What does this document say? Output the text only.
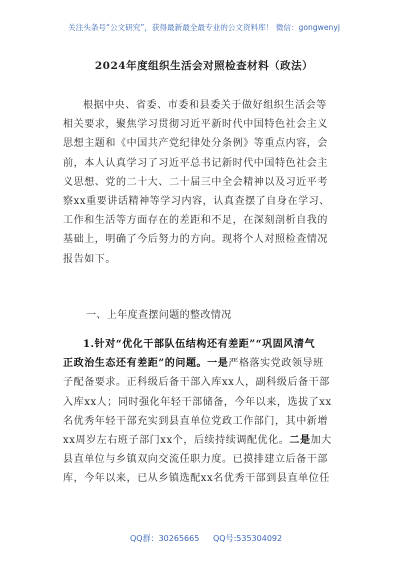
关注头条号“公文研究”，获得最新最全最专业的公文资料库！ 微信：gongwenyj
2024年度组织生活会对照检查材料（政法）
根据中央、省委、市委和县委关于做好组织生活会等
相关要求，聚焦学习贯彻习近平新时代中国特色社会主义
思想主题和《中国共产党纪律处分条例》等重点内容，会
前，本人认真学习了习近平总书记新时代中国特色社会主
义思想、党的二十大、二十届三中全会精神以及习近平考
察xx重要讲话精神等学习内容，认真查摆了自身在学习、
工作和生活等方面存在的差距和不足，在深刻剖析自我的
基础上，明确了今后努力的方向。现将个人对照检查情况
报告如下。
一、上年度查摆问题的整改情况
1.针对“优化干部队伍结构还有差距”“巩固风清气
正政治生态还有差距”的问题。一是严格落实党政领导班
子配备要求。正科级后备干部入库xx人，副科级后备干部
入库xx人；同时强化年轻干部储备，今年以来，选拔了xx
名优秀年轻干部充实到县直单位党政工作部门，其中新增
xx周岁左右班子部门xx个，后续持续调配优化。二是加大
县直单位与乡镇双向交流任职力度。已摸排建立后备干部
库，今年以来，已从乡镇选配xx名优秀干部到县直单位任
QQ群：30265665 QQ号:535304092
